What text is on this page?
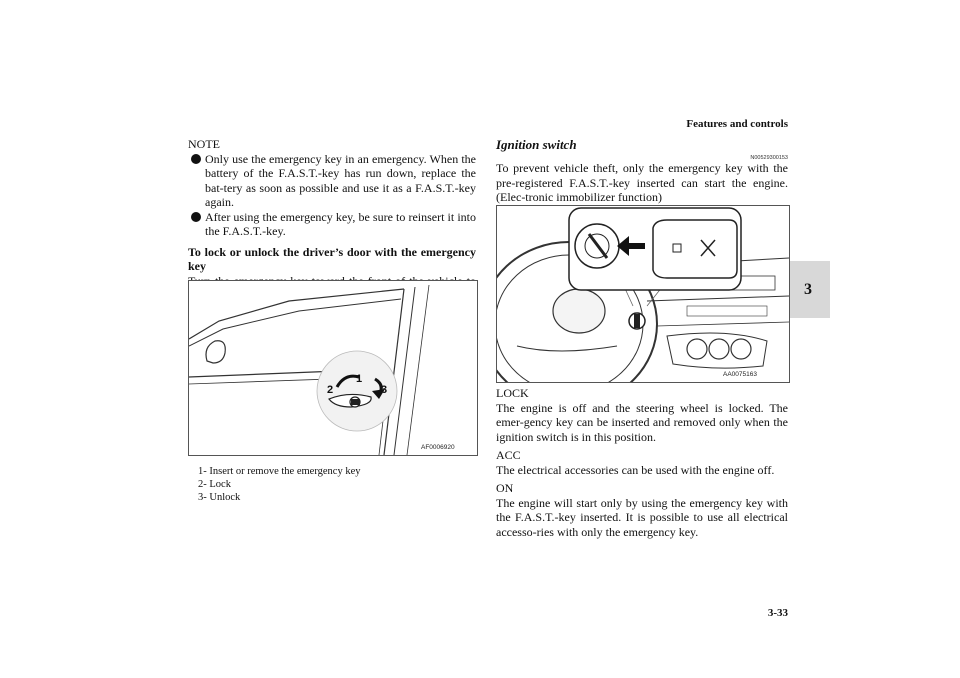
Features and controls
3-33
3

NOTE

Only use the emergency key in an emergency. When the battery of the F.A.S.T.-key has run down, replace the bat-tery as soon as possible and use it as a F.A.S.T.-key again.

After using the emergency key, be sure to reinsert it into the F.A.S.T.-key.

To lock or unlock the driver’s door with the emergency key

1
2	3
AF0006920
1- Insert or remove the emergency key
2- Lock
3- Unlock
Ignition switch
N00529300153
To prevent vehicle theft, only the emergency key with the pre-registered F.A.S.T.-key inserted can start the engine. (Elec-tronic immobilizer function)
AA0075163

LOCK

The engine is off and the steering wheel is locked. The emer-gency key can be inserted and removed only when the ignition switch is in this position.

ACC

The electrical accessories can be used with the engine off.

ON

The engine will start only by using the emergency key with the F.A.S.T.-key inserted. It is possible to use all electrical accesso-ries with only the emergency key.
